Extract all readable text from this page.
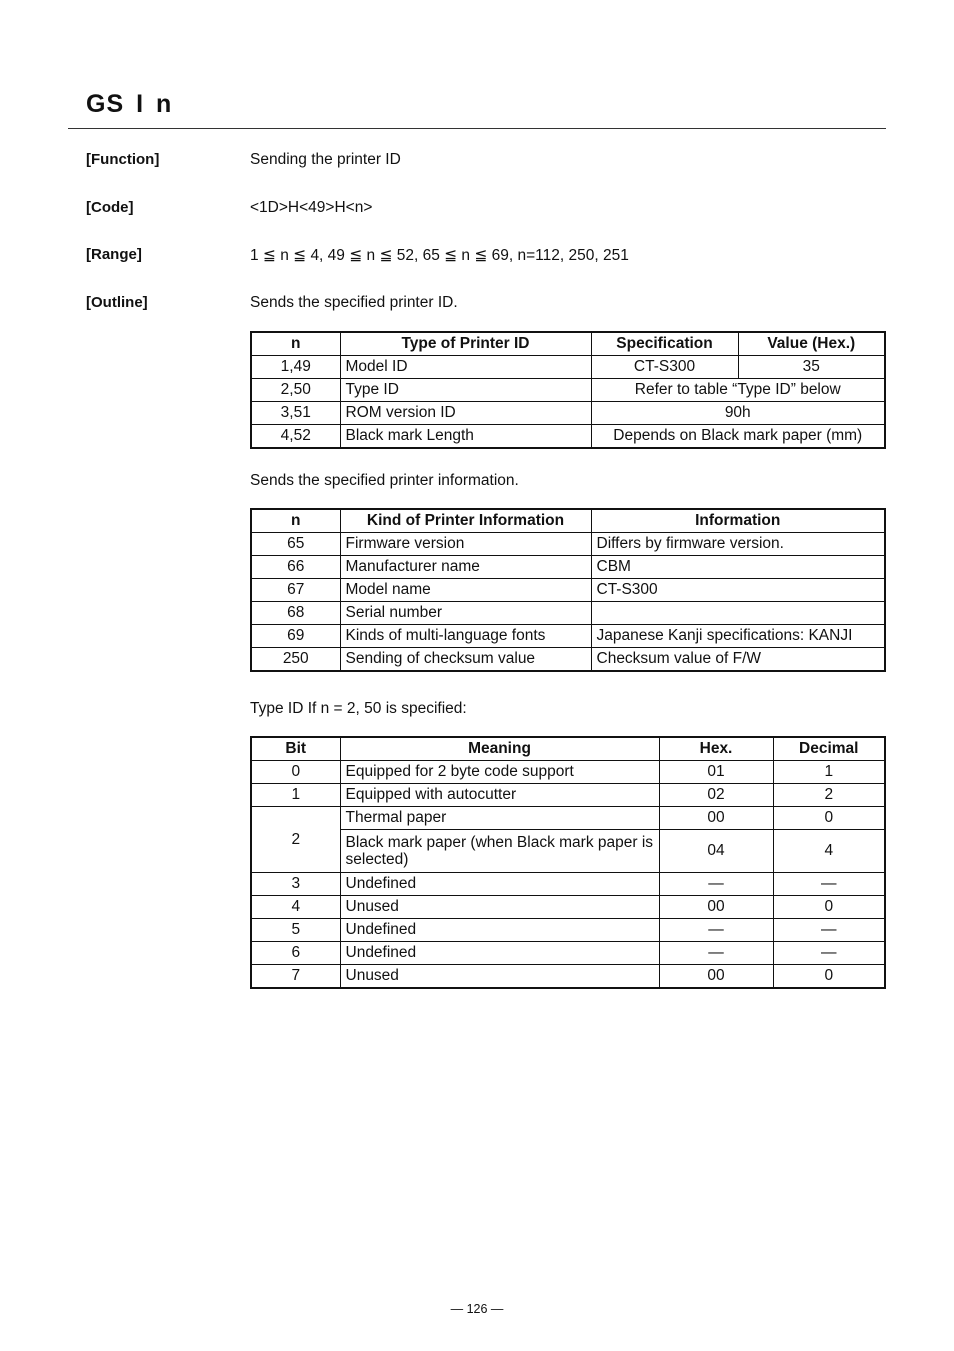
GS I n
[Function]	Sending the printer ID
[Code]	<1D>H<49>H<n>
[Range]	1 ≦ n ≦ 4, 49 ≦ n ≦ 52, 65 ≦ n ≦ 69, n=112, 250, 251
[Outline]	Sends the specified printer ID.
n	Type of Printer ID	Specification	Value (Hex.)
1,49	Model ID	CT-S300	35
2,50	Type ID	Refer to table “Type ID” below	
3,51	ROM version ID	90h	
4,52	Black mark Length	Depends on Black mark paper (mm)	
Sends the specified printer information.
n	Kind of Printer Information	Information
65	Firmware version	Differs by firmware version.
66	Manufacturer name	CBM
67	Model name	CT-S300
68	Serial number	
69	Kinds of multi-language fonts	Japanese Kanji specifications: KANJI
250	Sending of checksum value	Checksum value of F/W
Type ID If n = 2, 50 is specified:
Bit	Meaning	Hex.	Decimal
0	Equipped for 2 byte code support	01	1
1	Equipped with autocutter	02	2
2	Thermal paper	00	0
	Black mark paper (when Black mark paper is selected)	04	4
3	Undefined	—	—
4	Unused	00	0
5	Undefined	—	—
6	Undefined	—	—
7	Unused	00	0
— 126 —
